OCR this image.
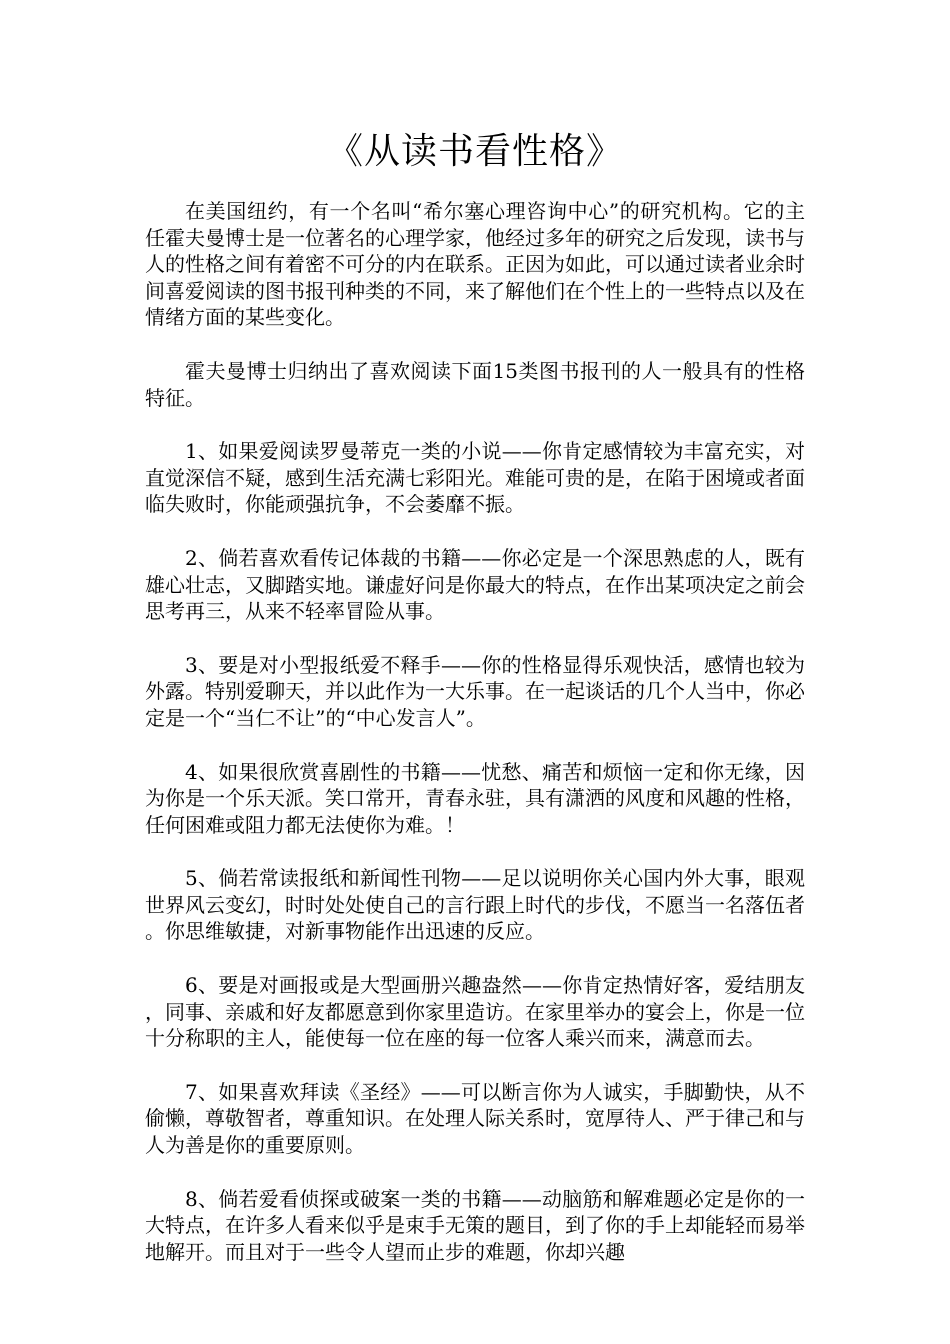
《从读书看性格》

在美国纽约，有一个名叫“希尔塞心理咨询中心”的研究机构。它的主任霍夫曼博士是一位著名的心理学家，他经过多年的研究之后发现，读书与人的性格之间有着密不可分的内在联系。正因为如此，可以通过读者业余时间喜爱阅读的图书报刊种类的不同，来了解他们在个性上的一些特点以及在情绪方面的某些变化。

霍夫曼博士归纳出了喜欢阅读下面15类图书报刊的人一般具有的性格特征。

1、如果爱阅读罗曼蒂克一类的小说——你肯定感情较为丰富充实，对直觉深信不疑，感到生活充满七彩阳光。难能可贵的是，在陷于困境或者面临失败时，你能顽强抗争，不会萎靡不振。

2、倘若喜欢看传记体裁的书籍——你必定是一个深思熟虑的人，既有雄心壮志，又脚踏实地。谦虚好问是你最大的特点，在作出某项决定之前会思考再三，从来不轻率冒险从事。

3、要是对小型报纸爱不释手——你的性格显得乐观快活，感情也较为外露。特别爱聊天，并以此作为一大乐事。在一起谈话的几个人当中，你必定是一个“当仁不让”的“中心发言人”。

4、如果很欣赏喜剧性的书籍——忧愁、痛苦和烦恼一定和你无缘，因为你是一个乐天派。笑口常开，青春永驻，具有潇洒的风度和风趣的性格，任何困难或阻力都无法使你为难。！

5、倘若常读报纸和新闻性刊物——足以说明你关心国内外大事，眼观世界风云变幻，时时处处使自己的言行跟上时代的步伐，不愿当一名落伍者。你思维敏捷，对新事物能作出迅速的反应。

6、要是对画报或是大型画册兴趣盎然——你肯定热情好客，爱结朋友，同事、亲戚和好友都愿意到你家里造访。在家里举办的宴会上，你是一位十分称职的主人，能使每一位在座的每一位客人乘兴而来，满意而去。

7、如果喜欢拜读《圣经》——可以断言你为人诚实，手脚勤快，从不偷懒，尊敬智者，尊重知识。在处理人际关系时，宽厚待人、严于律己和与人为善是你的重要原则。

8、倘若爱看侦探或破案一类的书籍——动脑筋和解难题必定是你的一大特点，在许多人看来似乎是束手无策的题目，到了你的手上却能轻而易举地解开。而且对于一些令人望而止步的难题，你却兴趣
